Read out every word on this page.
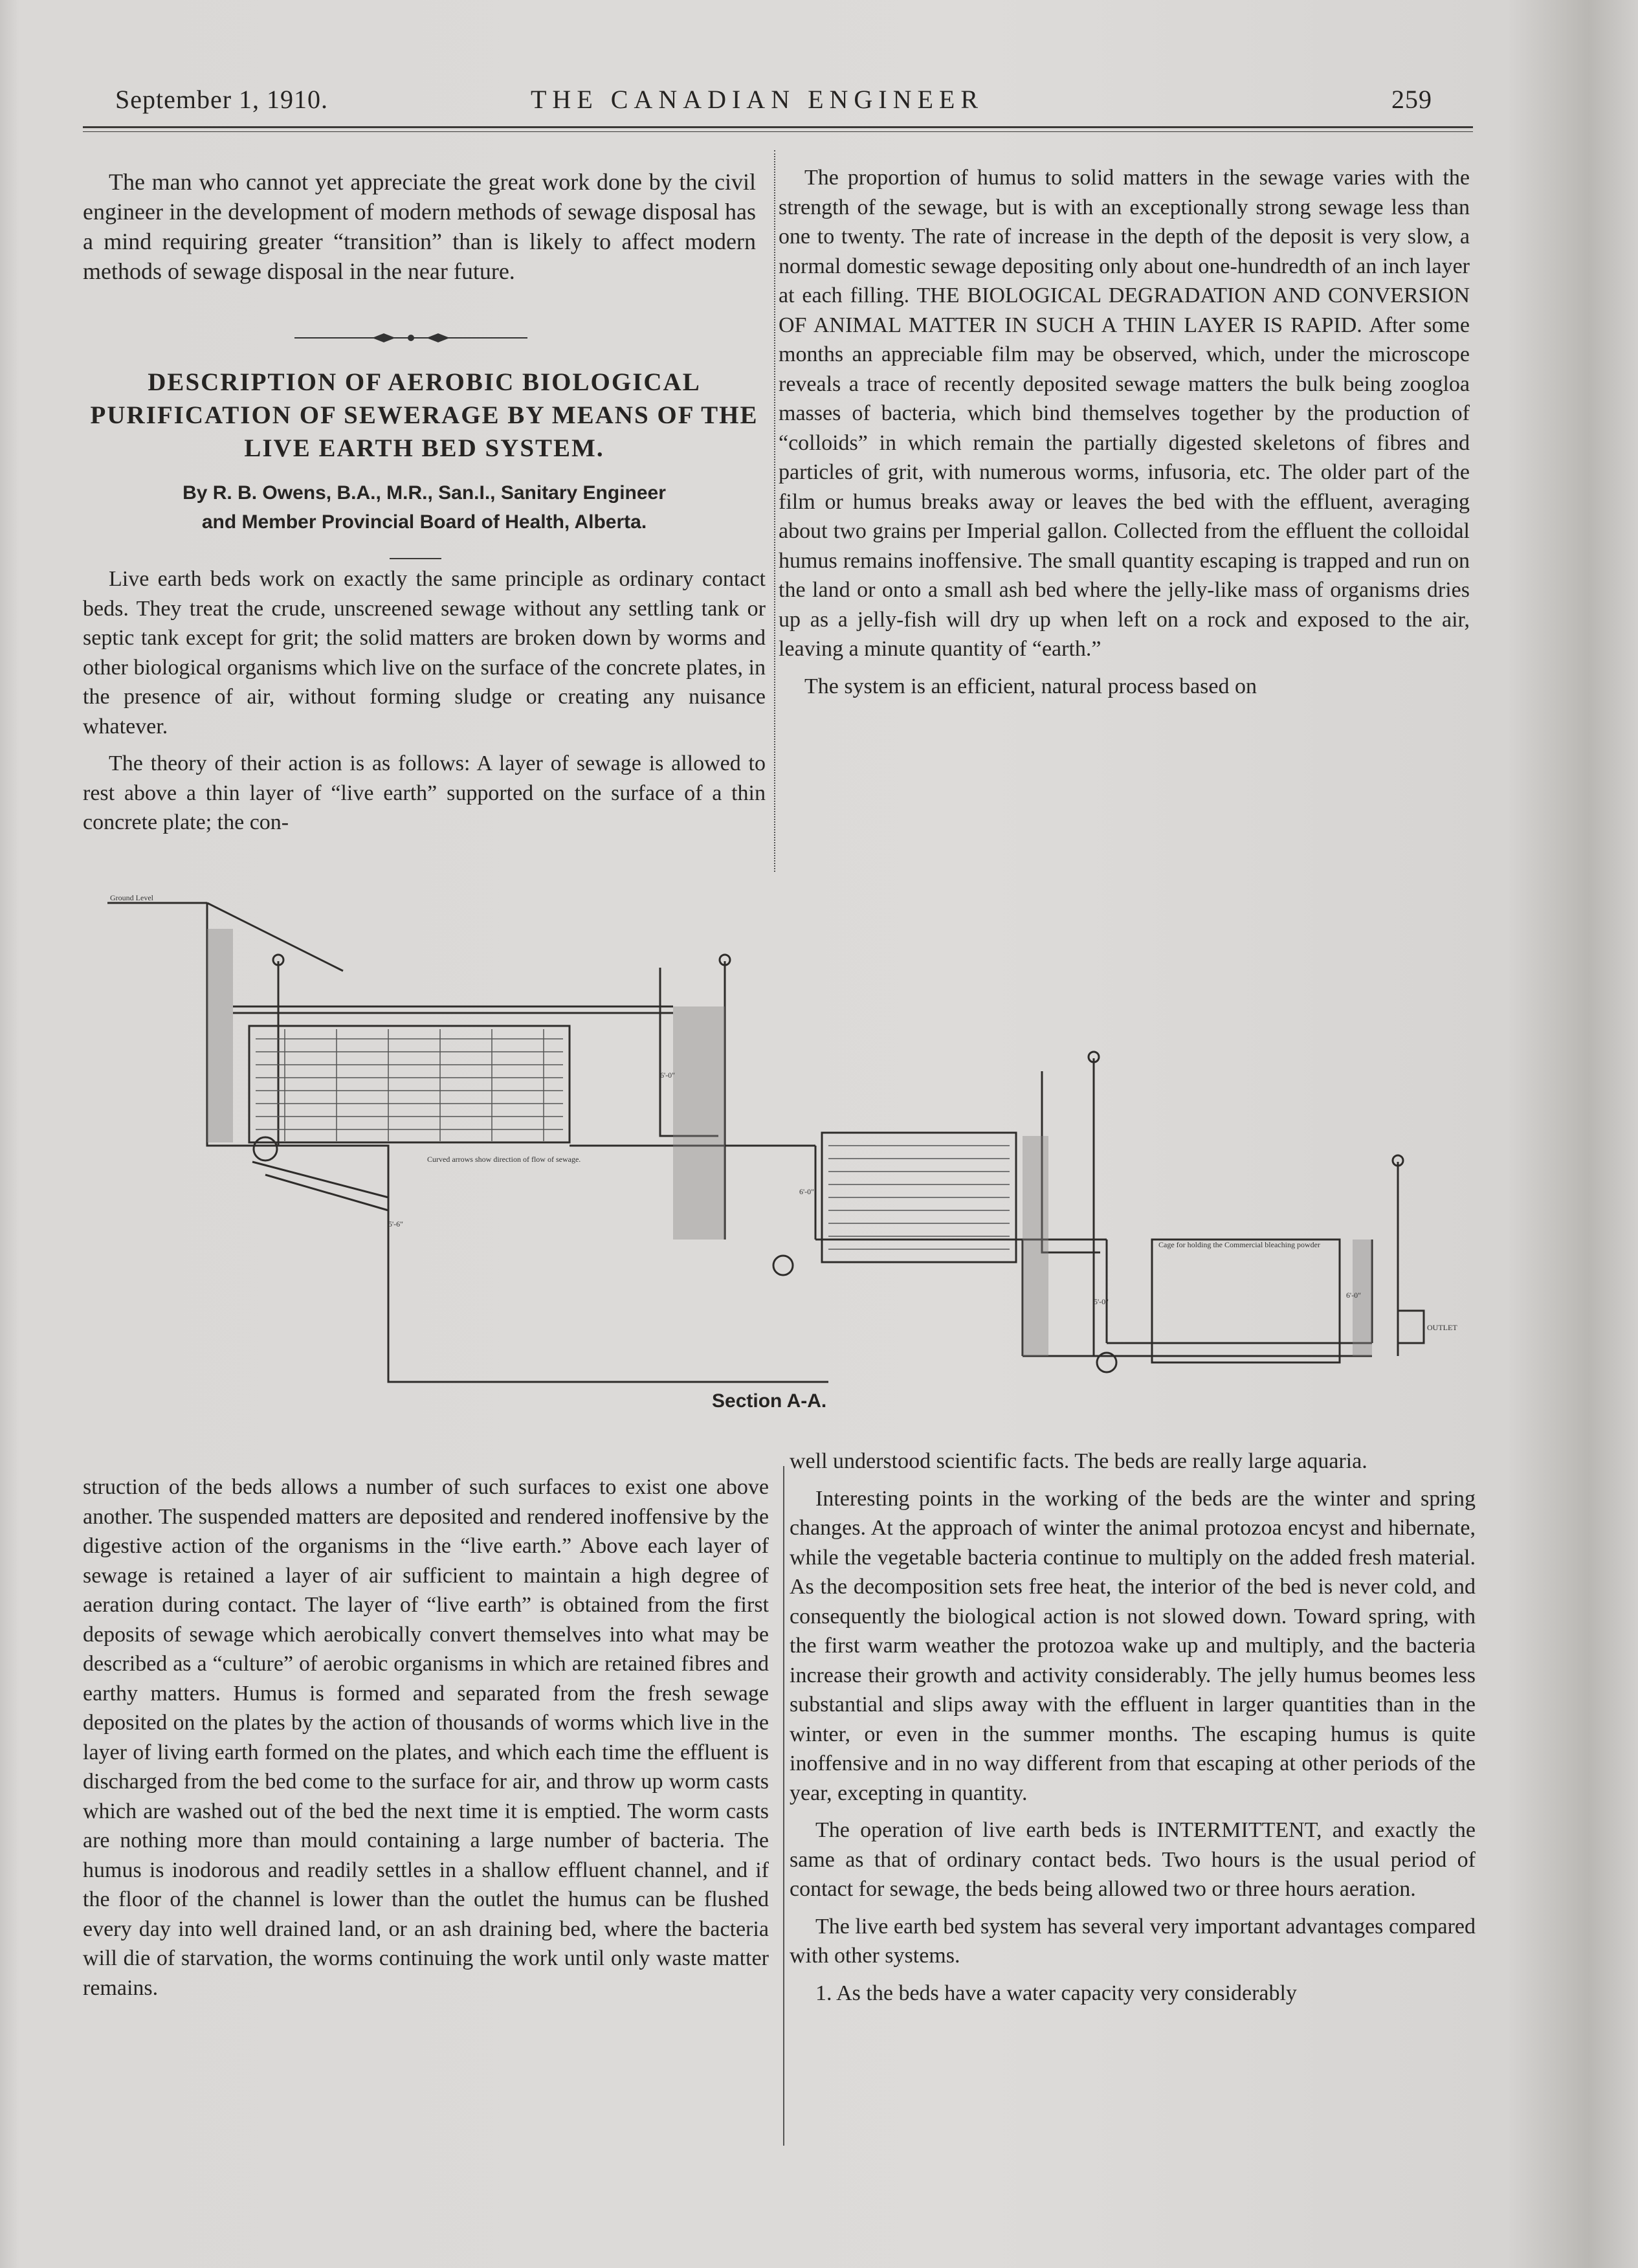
September 1, 1910.	THE CANADIAN ENGINEER	259

The man who cannot yet appreciate the great work done by the civil engineer in the development of modern methods of sewage disposal has a mind requiring greater “transition” than is likely to affect modern methods of sewage disposal in the near future.

DESCRIPTION OF AEROBIC BIOLOGICAL PURIFICATION OF SEWERAGE BY MEANS OF THE LIVE EARTH BED SYSTEM.
By R. B. Owens, B.A., M.R., San.I., Sanitary Engineer
and Member Provincial Board of Health, Alberta.

Live earth beds work on exactly the same principle as ordinary contact beds. They treat the crude, unscreened sewage without any settling tank or septic tank except for grit; the solid matters are broken down by worms and other biological organisms which live on the surface of the concrete plates, in the presence of air, without forming sludge or creating any nuisance whatever.

The theory of their action is as follows: A layer of sewage is allowed to rest above a thin layer of “live earth” supported on the surface of a thin concrete plate; the con-

The proportion of humus to solid matters in the sewage varies with the strength of the sewage, but is with an exceptionally strong sewage less than one to twenty. The rate of increase in the depth of the deposit is very slow, a normal domestic sewage depositing only about one-hundredth of an inch layer at each filling. THE BIOLOGICAL DEGRADATION AND CONVERSION OF ANIMAL MATTER IN SUCH A THIN LAYER IS RAPID. After some months an appreciable film may be observed, which, under the microscope reveals a trace of recently deposited sewage matters the bulk being zoogloa masses of bacteria, which bind themselves together by the production of “colloids” in which remain the partially digested skeletons of fibres and particles of grit, with numerous worms, infusoria, etc. The older part of the film or humus breaks away or leaves the bed with the effluent, averaging about two grains per Imperial gallon. Collected from the effluent the colloidal humus remains inoffensive. The small quantity escaping is trapped and run on the land or onto a small ash bed where the jelly-like mass of organisms dries up as a jelly-fish will dry up when left on a rock and exposed to the air, leaving a minute quantity of “earth.”

The system is an efficient, natural process based on

Ground Level
Curved arrows show direction of flow of sewage.
Cage for holding the Commercial bleaching powder
OUTLET
6'-0"
5'-6"
5'-0"
6'-0"
6'-0"
Section A-A.

struction of the beds allows a number of such surfaces to exist one above another. The suspended matters are deposited and rendered inoffensive by the digestive action of the organisms in the “live earth.” Above each layer of sewage is retained a layer of air sufficient to maintain a high degree of aeration during contact. The layer of “live earth” is obtained from the first deposits of sewage which aerobically convert themselves into what may be described as a “culture” of aerobic organisms in which are retained fibres and earthy matters. Humus is formed and separated from the fresh sewage deposited on the plates by the action of thousands of worms which live in the layer of living earth formed on the plates, and which each time the effluent is discharged from the bed come to the surface for air, and throw up worm casts which are washed out of the bed the next time it is emptied. The worm casts are nothing more than mould containing a large number of bacteria. The humus is inodorous and readily settles in a shallow effluent channel, and if the floor of the channel is lower than the outlet the humus can be flushed every day into well drained land, or an ash draining bed, where the bacteria will die of starvation, the worms continuing the work until only waste matter remains.

well understood scientific facts. The beds are really large aquaria.

Interesting points in the working of the beds are the winter and spring changes. At the approach of winter the animal protozoa encyst and hibernate, while the vegetable bacteria continue to multiply on the added fresh material. As the decomposition sets free heat, the interior of the bed is never cold, and consequently the biological action is not slowed down. Toward spring, with the first warm weather the protozoa wake up and multiply, and the bacteria increase their growth and activity considerably. The jelly humus beomes less substantial and slips away with the effluent in larger quantities than in the winter, or even in the summer months. The escaping humus is quite inoffensive and in no way different from that escaping at other periods of the year, excepting in quantity.

The operation of live earth beds is INTERMITTENT, and exactly the same as that of ordinary contact beds. Two hours is the usual period of contact for sewage, the beds being allowed two or three hours aeration.

The live earth bed system has several very important advantages compared with other systems.

1. As the beds have a water capacity very considerably
